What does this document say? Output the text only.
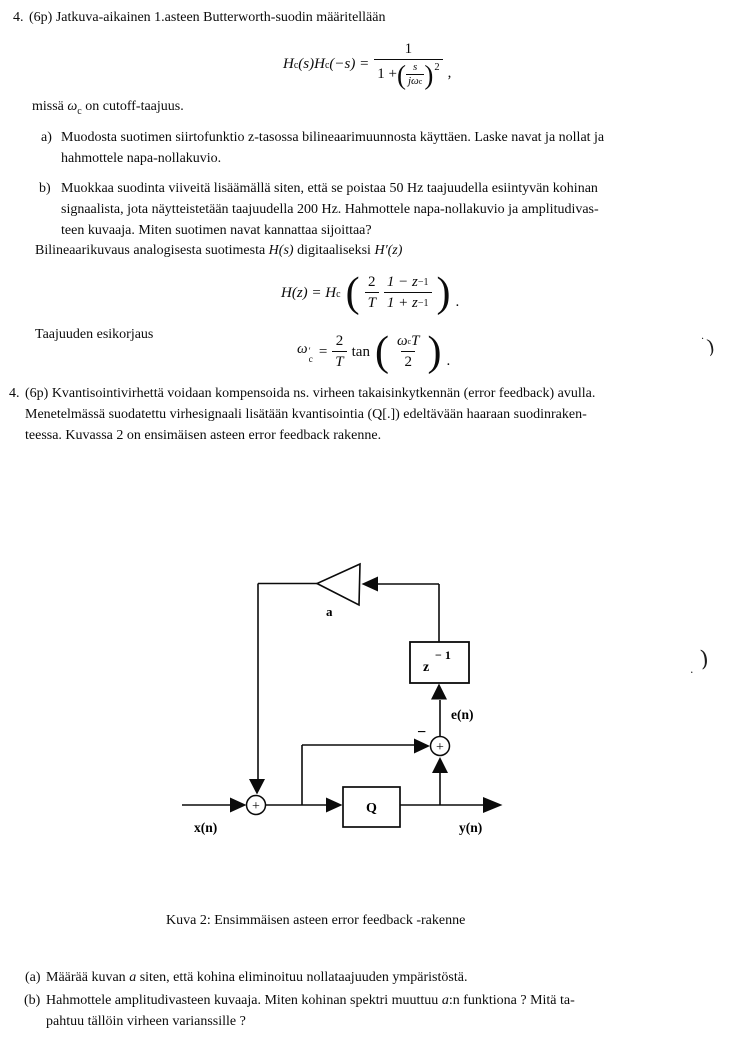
4. (6p) Jatkuva-aikainen 1.asteen Butterworth-suodin määritellään
H c (s)H c (−s) =
1
1 + ( $\frac{s}{\text{jω c}} )^2$ ,
missä $\omega_c$ on cutoff-taajuus.
a) Muodosta suotimen siirtofunktio z-tasossa bilineaarimuunnosta käyttäen. Laske navat ja nollat ja
hahmottele napa-nollakuvio.
b) Muokkaa suodinta viiveitä lisäämällä siten, että se poistaa 50 Hz taajuudella esiintyvän kohinan
signaalista, jota näytteistetään taajuudella 200 Hz. Hahmottele napa-nollakuvio ja amplitudivas-
teen kuvaaja. Miten suotimen navat kannattaa sijoittaa?
Bilineaarikuvaus analogisesta suotimesta H(s) digitaaliseksi H′(z)
H(z) = H c ( $\frac{2}{T} \frac{1 - z -1}{1 + z -1}$ ) .
Taajuuden esikorjaus
ω ′
c
= $\frac{2}{T}$ tan ( $\frac{\text{ω c T}}{2}$ ) .
· )
. )
4. (6p) Kvantisointivirhettä voidaan kompensoida ns. virheen takaisinkytkennän (error feedback) avulla.
Menetelmässä suodatettu virhesignaali lisätään kvantisointia (Q[.]) edeltävään haaraan suodinraken-
teessa. Kuvassa 2 on ensimäisen asteen error feedback rakenne.
a
z
− 1
Q
+
+
−
e(n)
x(n)	y(n)
Kuva 2: Ensimmäisen asteen error feedback -rakenne
(a) Määrää kuvan a siten, että kohina eliminoituu nollataajuuden ympäristöstä.
(b) Hahmottele amplitudivasteen kuvaaja. Miten kohinan spektri muuttuu a:n funktiona ? Mitä ta-
pahtuu tällöin virheen varianssille ?
